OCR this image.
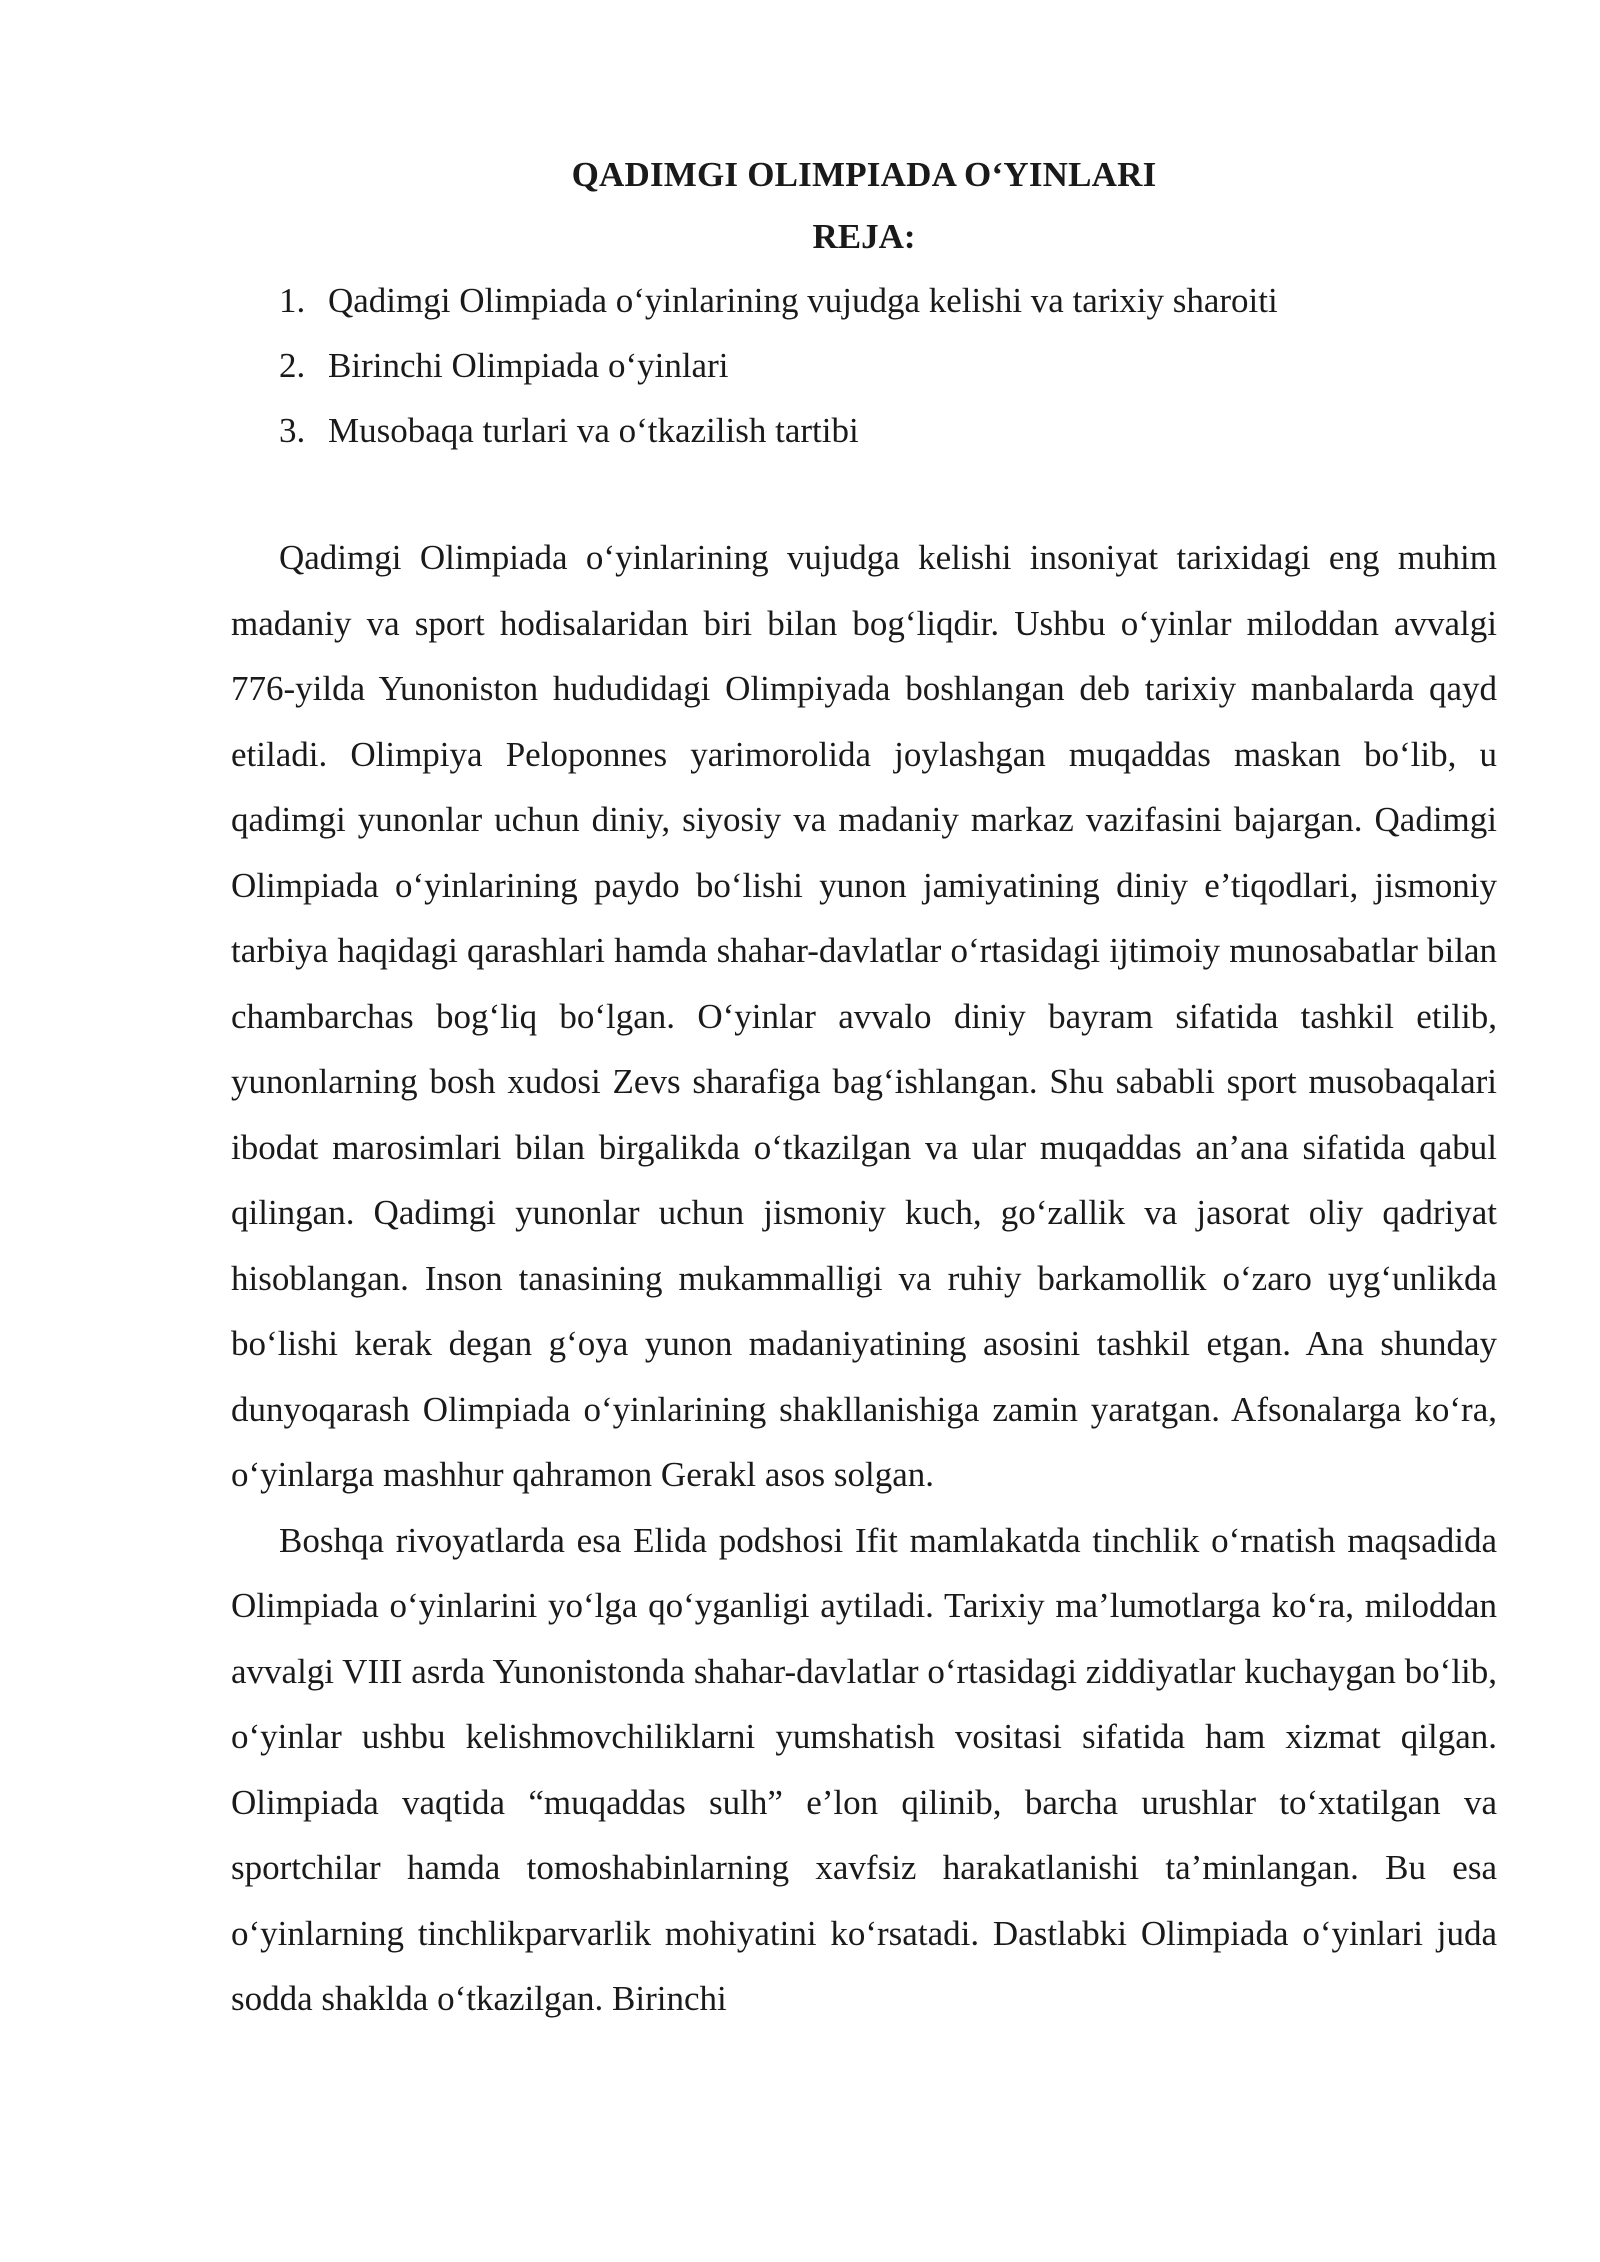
QADIMGI OLIMPIADA O‘YINLARI
REJA:
1. Qadimgi Olimpiada o‘yinlarining vujudga kelishi va tarixiy sharoiti
2. Birinchi Olimpiada o‘yinlari
3. Musobaqa turlari va o‘tkazilish tartibi

Qadimgi Olimpiada o‘yinlarining vujudga kelishi insoniyat tarixidagi eng muhim madaniy va sport hodisalaridan biri bilan bog‘liqdir. Ushbu o‘yinlar miloddan avvalgi 776-yilda Yunoniston hududidagi Olimpiyada boshlangan deb tarixiy manbalarda qayd etiladi. Olimpiya Peloponnes yarimorolida joylashgan muqaddas maskan bo‘lib, u qadimgi yunonlar uchun diniy, siyosiy va madaniy markaz vazifasini bajargan. Qadimgi Olimpiada o‘yinlarining paydo bo‘lishi yunon jamiyatining diniy e’tiqodlari, jismoniy tarbiya haqidagi qarashlari hamda shahar-davlatlar o‘rtasidagi ijtimoiy munosabatlar bilan chambarchas bog‘liq bo‘lgan. O‘yinlar avvalo diniy bayram sifatida tashkil etilib, yunonlarning bosh xudosi Zevs sharafiga bag‘ishlangan. Shu sababli sport musobaqalari ibodat marosimlari bilan birgalikda o‘tkazilgan va ular muqaddas an’ana sifatida qabul qilingan. Qadimgi yunonlar uchun jismoniy kuch, go‘zallik va jasorat oliy qadriyat hisoblangan. Inson tanasining mukammalligi va ruhiy barkamollik o‘zaro uyg‘unlikda bo‘lishi kerak degan g‘oya yunon madaniyatining asosini tashkil etgan. Ana shunday dunyoqarash Olimpiada o‘yinlarining shakllanishiga zamin yaratgan. Afsonalarga ko‘ra, o‘yinlarga mashhur qahramon Gerakl asos solgan.

Boshqa rivoyatlarda esa Elida podshosi Ifit mamlakatda tinchlik o‘rnatish maqsadida Olimpiada o‘yinlarini yo‘lga qo‘yganligi aytiladi. Tarixiy ma’lumotlarga ko‘ra, miloddan avvalgi VIII asrda Yunonistonda shahar-davlatlar o‘rtasidagi ziddiyatlar kuchaygan bo‘lib, o‘yinlar ushbu kelishmovchiliklarni yumshatish vositasi sifatida ham xizmat qilgan. Olimpiada vaqtida “muqaddas sulh” e’lon qilinib, barcha urushlar to‘xtatilgan va sportchilar hamda tomoshabinlarning xavfsiz harakatlanishi ta’minlangan. Bu esa o‘yinlarning tinchlikparvarlik mohiyatini ko‘rsatadi. Dastlabki Olimpiada o‘yinlari juda sodda shaklda o‘tkazilgan. Birinchi
